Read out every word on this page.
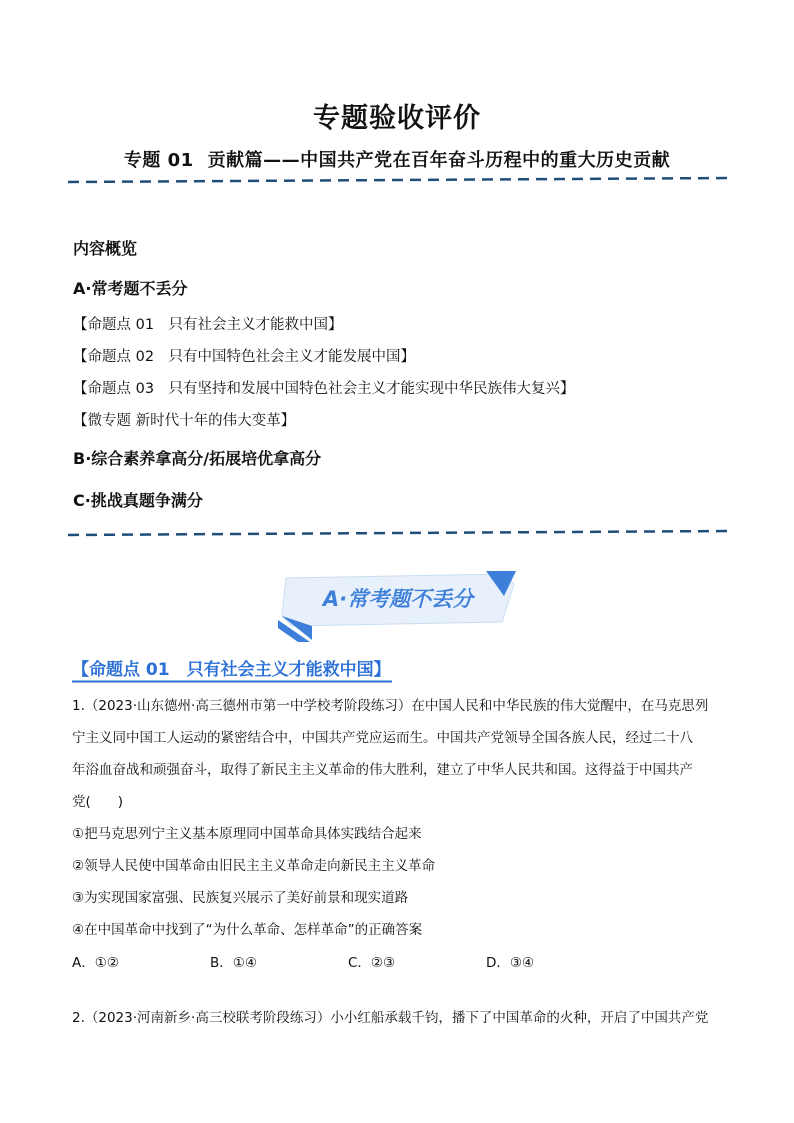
专题验收评价
专题 01 贡献篇——中国共产党在百年奋斗历程中的重大历史贡献
内容概览
A·常考题不丢分
【命题点 01　只有社会主义才能救中国】
【命题点 02　只有中国特色社会主义才能发展中国】
【命题点 03　只有坚持和发展中国特色社会主义才能实现中华民族伟大复兴】
【微专题 新时代十年的伟大变革】
B·综合素养拿高分/拓展培优拿高分
C·挑战真题争满分
A·常考题不丢分
【命题点 01　只有社会主义才能救中国】
1.（2023·山东德州·高三德州市第一中学校考阶段练习）在中国人民和中华民族的伟大觉醒中，在马克思列
宁主义同中国工人运动的紧密结合中，中国共产党应运而生。中国共产党领导全国各族人民，经过二十八
年浴血奋战和顽强奋斗，取得了新民主主义革命的伟大胜利，建立了中华人民共和国。这得益于中国共产
党(　　)
①把马克思列宁主义基本原理同中国革命具体实践结合起来
②领导人民使中国革命由旧民主主义革命走向新民主主义革命
③为实现国家富强、民族复兴展示了美好前景和现实道路
④在中国革命中找到了“为什么革命、怎样革命”的正确答案
A．①②	B．①④	C．②③	D．③④
2.（2023·河南新乡·高三校联考阶段练习）小小红船承载千钧，播下了中国革命的火种，开启了中国共产党
